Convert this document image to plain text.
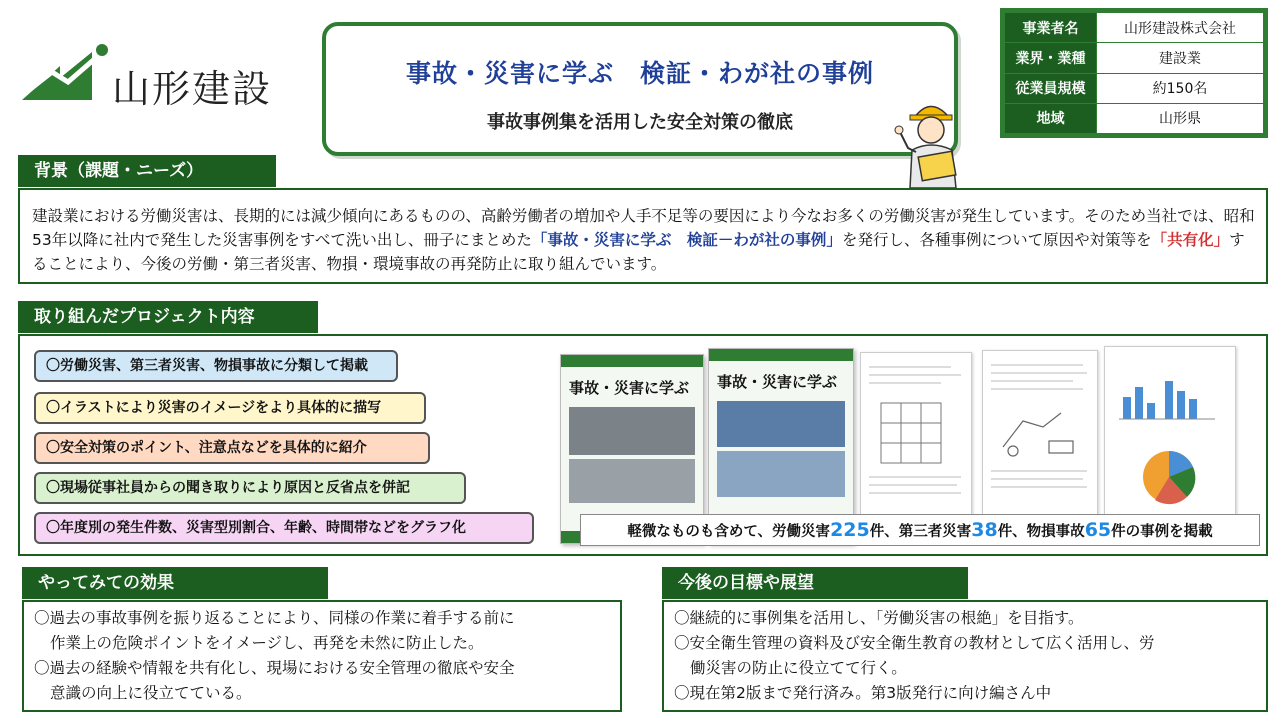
山形建設	事故・災害に学ぶ　検証・わが社の事例
事故事例集を活用した安全対策の徹底
事業者名	山形建設株式会社
業界・業種	建設業
従業員規模	約150名
地域	山形県
背景（課題・ニーズ）

建設業における労働災害は、長期的には減少傾向にあるものの、高齢労働者の増加や人手不足等の要因により今なお多くの労働災害が発生しています。そのため当社では、昭和53年以降に社内で発生した災害事例をすべて洗い出し、冊子にまとめた「事故・災害に学ぶ　検証－わが社の事例」を発行し、各種事例について原因や対策等を「共有化」することにより、今後の労働・第三者災害、物損・環境事故の再発防止に取り組んでいます。

取り組んだプロジェクト内容
〇労働災害、第三者災害、物損事故に分類して掲載
〇イラストにより災害のイメージをより具体的に描写
〇安全対策のポイント、注意点などを具体的に紹介
〇現場従事社員からの聞き取りにより原因と反省点を併記
〇年度別の発生件数、災害型別割合、年齢、時間帯などをグラフ化
事故・災害に学ぶ 事故・災害に学ぶ
軽微なものも含めて、労働災害225件、第三者災害38件、物損事故65件の事例を掲載
やってみての効果
〇過去の事故事例を振り返ることにより、同様の作業に着手する前に
作業上の危険ポイントをイメージし、再発を未然に防止した。
〇過去の経験や情報を共有化し、現場における安全管理の徹底や安全
意識の向上に役立てている。
今後の目標や展望
〇継続的に事例集を活用し、「労働災害の根絶」を目指す。
〇安全衛生管理の資料及び安全衛生教育の教材として広く活用し、労
働災害の防止に役立てて行く。
〇現在第2版まで発行済み。第3版発行に向け編さん中
